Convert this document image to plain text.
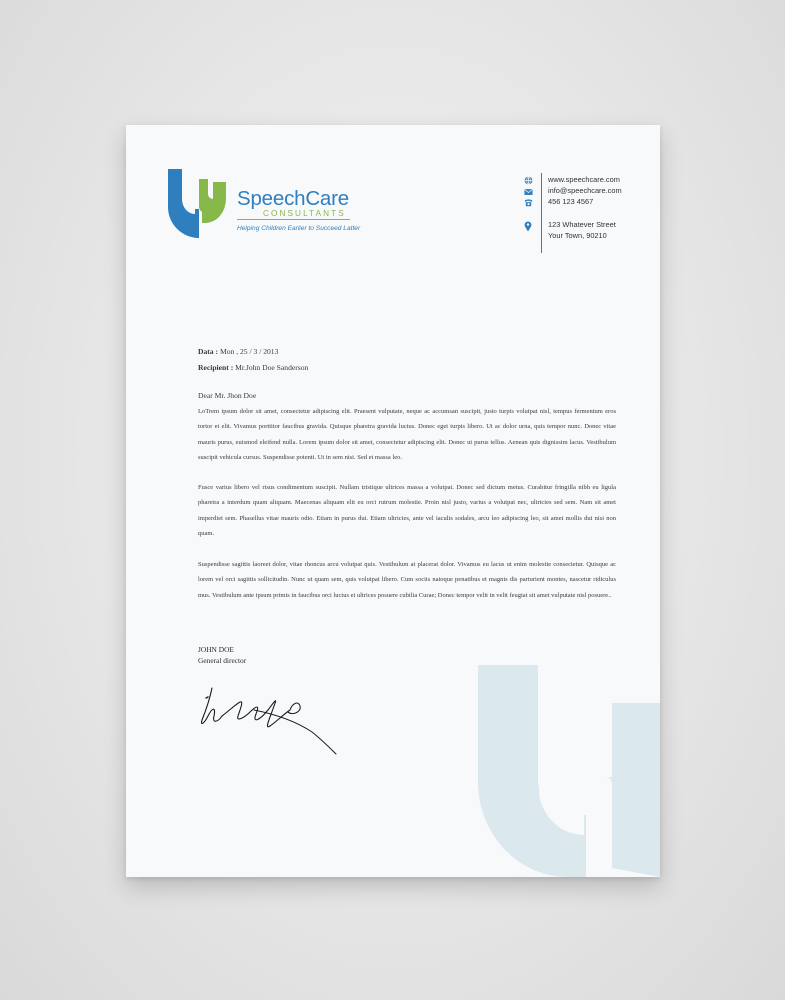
SpeechCare
CONSULTANTS
Helping Children Earlier to Succeed Latter
www.speechcare.com
info@speechcare.com
456 123 4567
123 Whatever Street
Your Town, 90210
Data : Mon , 25 / 3 / 2013
Recipient : Mr.John Doe Sanderson
Dear Mr. Jhon Doe
LoTrem ipsum dolor sit amet, consectetur adipiscing elit. Praesent vulputate, neque ac accumsan suscipit, justo turpis volutpat nisl, tempus fermentum eros tortor et elit. Vivamus porttitor faucibus gravida. Quisque pharetra gravida luctus. Donec eget turpis libero. Ut ac dolor urna, quis tempor nunc. Donec vitae mauris purus, euismod eleifend nulla. Lorem ipsum dolor sit amet, consectetur adipiscing elit. Donec ut purus tellus. Aenean quis dignissim lacus. Vestibulum suscipit vehicula cursus. Suspendisse potenti. Ut in sem nisi. Sed et massa leo.
Fusce varius libero vel risus condimentum suscipit. Nullam tristique ultrices massa a volutpat. Donec sed dictum metus. Curabitur fringilla nibh eu ligula pharetra a interdum quam aliquam. Maecenas aliquam elit eu orci rutrum molestie. Proin nisl justo, varius a volutpat nec, ultricies sed sem. Nam sit amet imperdiet sem. Phasellus vitae mauris odio. Etiam in purus dui. Etiam ultricies, ante vel iaculis sodales, arcu leo adipiscing leo, sit amet mollis dui nisi non quam.
Suspendisse sagittis laoreet dolor, vitae rhoncus arcu volutpat quis. Vestibulum at placerat dolor. Vivamus eu lacus ut enim molestie consectetur. Quisque ac lorem vel orci sagittis sollicitudin. Nunc ut quam sem, quis volutpat libero. Cum sociis natoque penatibus et magnis dis parturient montes, nascetur ridiculus mus. Vestibulum ante ipsum primis in faucibus orci luctus et ultrices posuere cubilia Curae; Donec tempor velit in velit feugiat sit amet vulputate nisl posuere..
JOHN DOE
General director
